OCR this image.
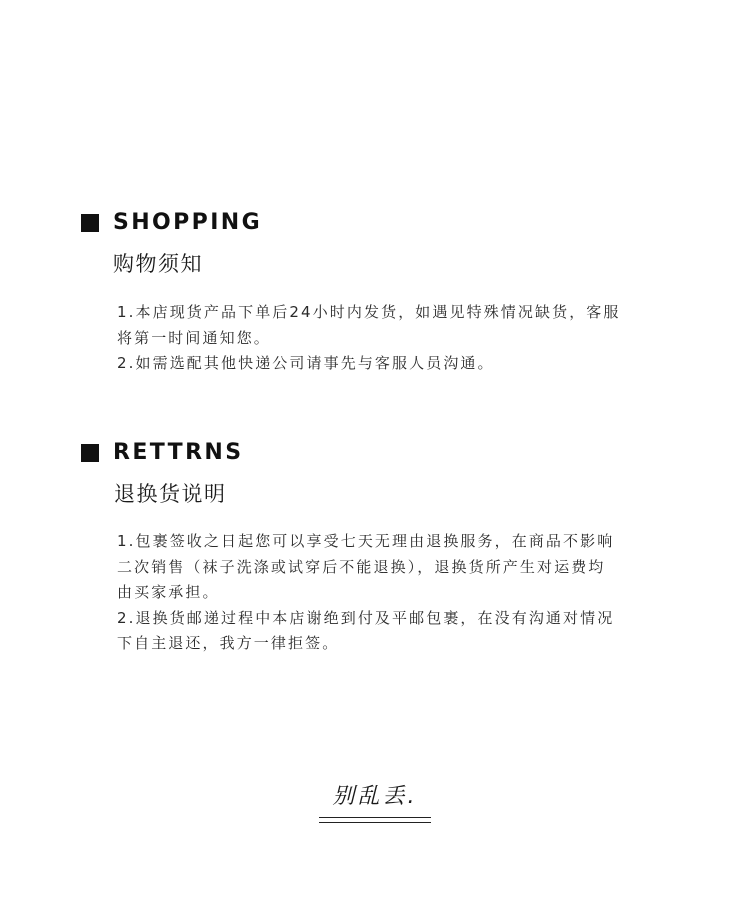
SHOPPING
购物须知
1.本店现货产品下单后24小时内发货，如遇见特殊情况缺货，客服
将第一时间通知您。
2.如需选配其他快递公司请事先与客服人员沟通。
RETTRNS
退换货说明
1.包裹签收之日起您可以享受七天无理由退换服务，在商品不影响
二次销售（袜子洗涤或试穿后不能退换），退换货所产生对运费均
由买家承担。
2.退换货邮递过程中本店谢绝到付及平邮包裹，在没有沟通对情况
下自主退还，我方一律拒签。
别乱丢.
